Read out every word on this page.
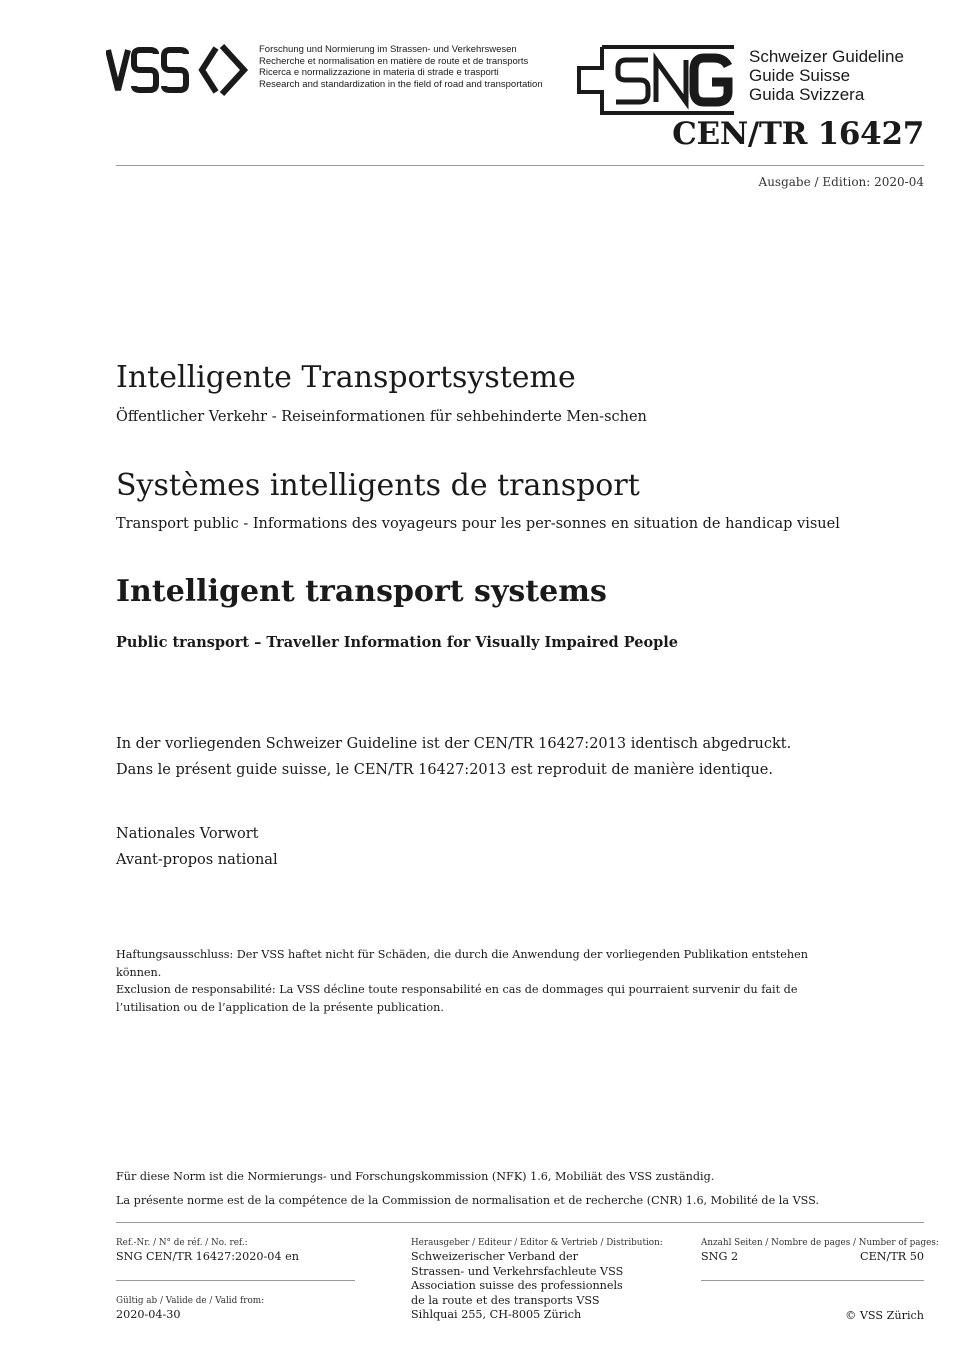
VSS
Forschung und Normierung im Strassen- und Verkehrswesen
Recherche et normalisation en matière de route et de transports
Ricerca e normalizzazione in materia di strade e trasporti
Research and standardization in the field of road and transportation
SNG
Schweizer Guideline
Guide Suisse
Guida Svizzera
CEN/TR 16427
Ausgabe / Edition: 2020-04
Intelligente Transportsysteme
Öffentlicher Verkehr - Reiseinformationen für sehbehinderte Men-schen
Systèmes intelligents de transport
Transport public - Informations des voyageurs pour les per-sonnes en situation de handicap visuel
Intelligent transport systems
Public transport – Traveller Information for Visually Impaired People
In der vorliegenden Schweizer Guideline ist der CEN/TR 16427:2013 identisch abgedruckt.
Dans le présent guide suisse, le CEN/TR 16427:2013 est reproduit de manière identique.
Nationales Vorwort
Avant-propos national
Haftungsausschluss: Der VSS haftet nicht für Schäden, die durch die Anwendung der vorliegenden Publikation entstehen können.
Exclusion de responsabilité: La VSS décline toute responsabilité en cas de dommages qui pourraient survenir du fait de l’utilisation ou de l’application de la présente publication.
Für diese Norm ist die Normierungs- und Forschungskommission (NFK) 1.6, Mobiliät des VSS zuständig.
La présente norme est de la compétence de la Commission de normalisation et de recherche (CNR) 1.6, Mobilité de la VSS.
Ref.-Nr. / N° de réf. / No. ref.:
SNG CEN/TR 16427:2020-04 en
Gültig ab / Valide de / Valid from:
2020-04-30
Herausgeber / Editeur / Editor & Vertrieb / Distribution:
Schweizerischer Verband der
Strassen- und Verkehrsfachleute VSS
Association suisse des professionnels
de la route et des transports VSS
Sihlquai 255, CH-8005 Zürich
Anzahl Seiten / Nombre de pages / Number of pages:
SNG 2	CEN/TR 50
© VSS Zürich
